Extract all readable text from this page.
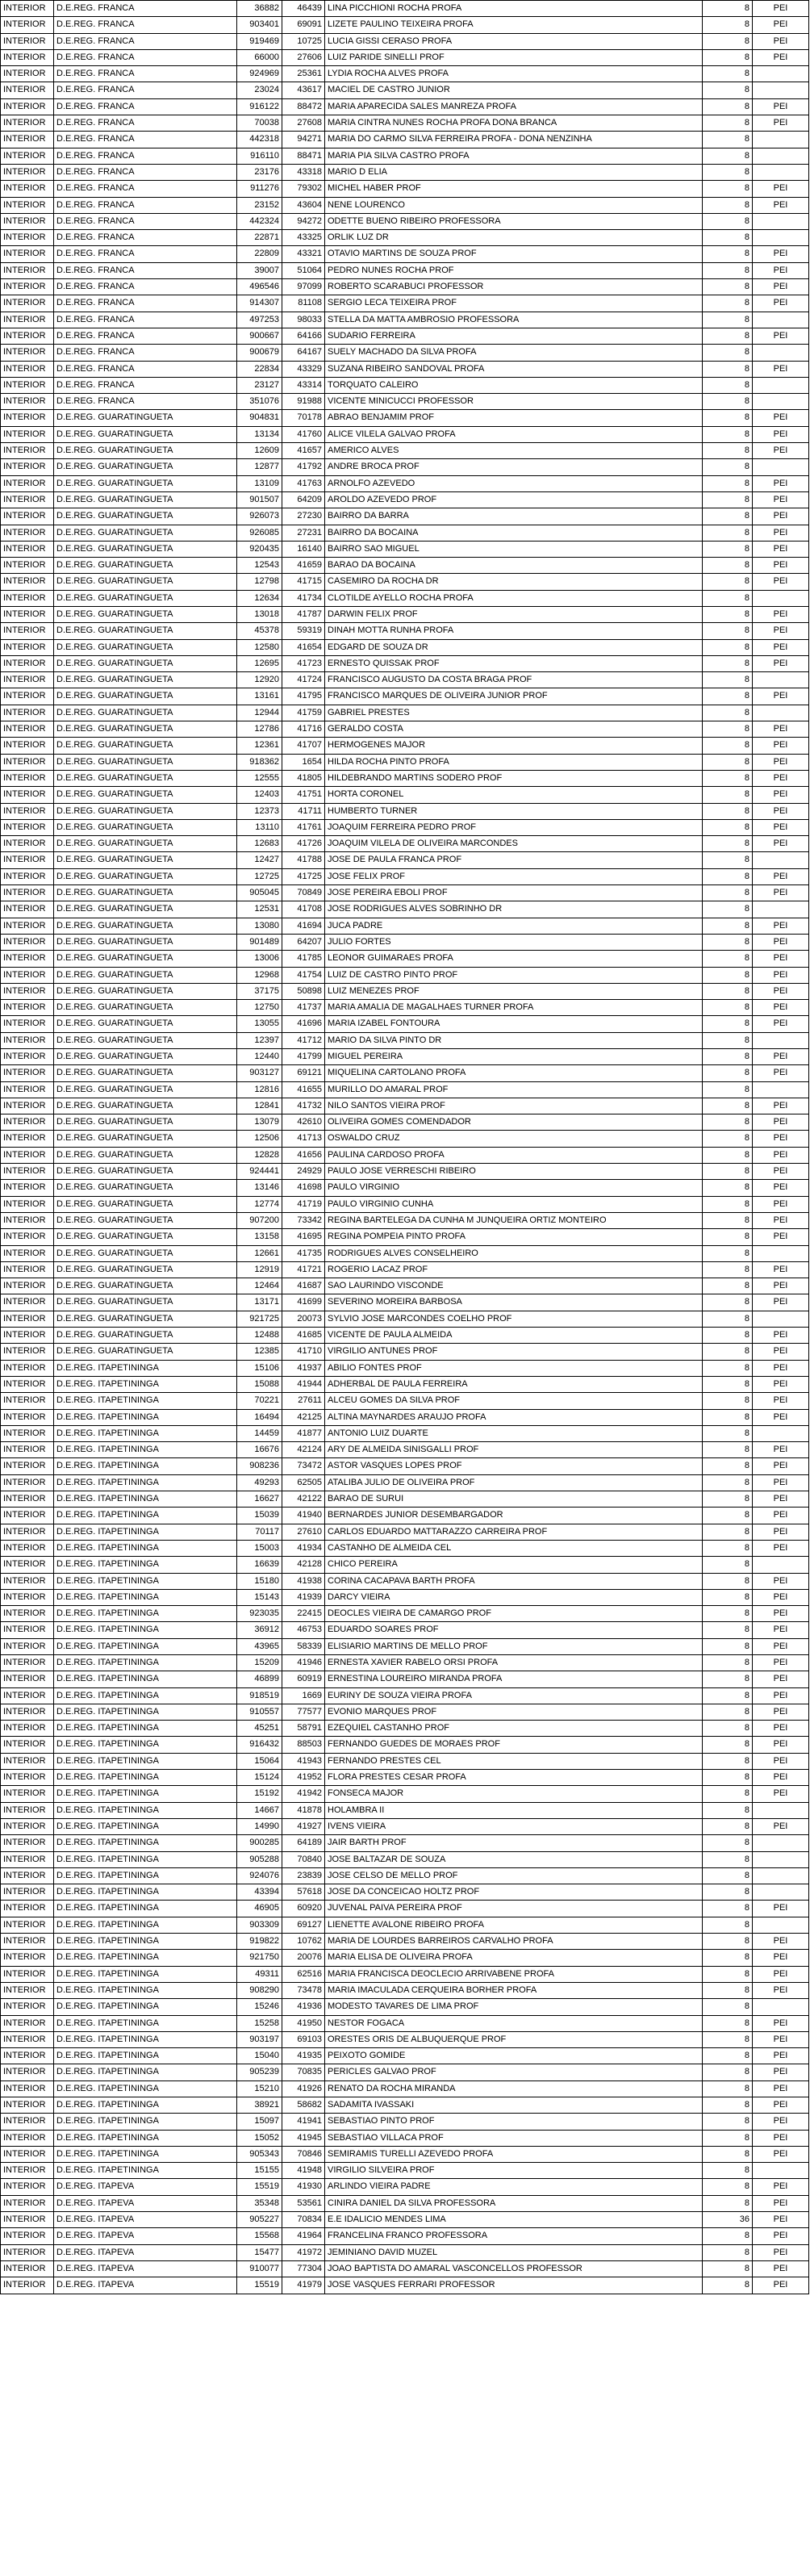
INTERIOR	D.E.REG. FRANCA	36882	46439	LINA PICCHIONI ROCHA PROFA	8	PEI
INTERIOR	D.E.REG. FRANCA	903401	69091	LIZETE PAULINO TEIXEIRA PROFA	8	PEI
INTERIOR	D.E.REG. FRANCA	919469	10725	LUCIA GISSI CERASO PROFA	8	PEI
INTERIOR	D.E.REG. FRANCA	66000	27606	LUIZ PARIDE SINELLI PROF	8	PEI
INTERIOR	D.E.REG. FRANCA	924969	25361	LYDIA ROCHA ALVES PROFA	8	
INTERIOR	D.E.REG. FRANCA	23024	43617	MACIEL DE CASTRO JUNIOR	8	
INTERIOR	D.E.REG. FRANCA	916122	88472	MARIA APARECIDA SALES MANREZA PROFA	8	PEI
INTERIOR	D.E.REG. FRANCA	70038	27608	MARIA CINTRA NUNES ROCHA PROFA DONA BRANCA	8	PEI
INTERIOR	D.E.REG. FRANCA	442318	94271	MARIA DO CARMO SILVA FERREIRA PROFA - DONA NENZINHA	8	
INTERIOR	D.E.REG. FRANCA	916110	88471	MARIA PIA SILVA CASTRO PROFA	8	
INTERIOR	D.E.REG. FRANCA	23176	43318	MARIO D ELIA	8	
INTERIOR	D.E.REG. FRANCA	911276	79302	MICHEL HABER PROF	8	PEI
INTERIOR	D.E.REG. FRANCA	23152	43604	NENE LOURENCO	8	PEI
INTERIOR	D.E.REG. FRANCA	442324	94272	ODETTE BUENO RIBEIRO PROFESSORA	8	
INTERIOR	D.E.REG. FRANCA	22871	43325	ORLIK LUZ DR	8	
INTERIOR	D.E.REG. FRANCA	22809	43321	OTAVIO MARTINS DE SOUZA PROF	8	PEI
INTERIOR	D.E.REG. FRANCA	39007	51064	PEDRO NUNES ROCHA PROF	8	PEI
INTERIOR	D.E.REG. FRANCA	496546	97099	ROBERTO SCARABUCI PROFESSOR	8	PEI
INTERIOR	D.E.REG. FRANCA	914307	81108	SERGIO LECA TEIXEIRA PROF	8	PEI
INTERIOR	D.E.REG. FRANCA	497253	98033	STELLA DA MATTA AMBROSIO PROFESSORA	8	
INTERIOR	D.E.REG. FRANCA	900667	64166	SUDARIO FERREIRA	8	PEI
INTERIOR	D.E.REG. FRANCA	900679	64167	SUELY MACHADO DA SILVA PROFA	8	
INTERIOR	D.E.REG. FRANCA	22834	43329	SUZANA RIBEIRO SANDOVAL PROFA	8	PEI
INTERIOR	D.E.REG. FRANCA	23127	43314	TORQUATO CALEIRO	8	
INTERIOR	D.E.REG. FRANCA	351076	91988	VICENTE MINICUCCI PROFESSOR	8	
INTERIOR	D.E.REG. GUARATINGUETA	904831	70178	ABRAO BENJAMIM PROF	8	PEI
INTERIOR	D.E.REG. GUARATINGUETA	13134	41760	ALICE VILELA GALVAO PROFA	8	PEI
INTERIOR	D.E.REG. GUARATINGUETA	12609	41657	AMERICO ALVES	8	PEI
INTERIOR	D.E.REG. GUARATINGUETA	12877	41792	ANDRE BROCA PROF	8	
INTERIOR	D.E.REG. GUARATINGUETA	13109	41763	ARNOLFO AZEVEDO	8	PEI
INTERIOR	D.E.REG. GUARATINGUETA	901507	64209	AROLDO AZEVEDO PROF	8	PEI
INTERIOR	D.E.REG. GUARATINGUETA	926073	27230	BAIRRO DA BARRA	8	PEI
INTERIOR	D.E.REG. GUARATINGUETA	926085	27231	BAIRRO DA BOCAINA	8	PEI
INTERIOR	D.E.REG. GUARATINGUETA	920435	16140	BAIRRO SAO MIGUEL	8	PEI
INTERIOR	D.E.REG. GUARATINGUETA	12543	41659	BARAO DA BOCAINA	8	PEI
INTERIOR	D.E.REG. GUARATINGUETA	12798	41715	CASEMIRO DA ROCHA DR	8	PEI
INTERIOR	D.E.REG. GUARATINGUETA	12634	41734	CLOTILDE AYELLO ROCHA PROFA	8	
INTERIOR	D.E.REG. GUARATINGUETA	13018	41787	DARWIN FELIX PROF	8	PEI
INTERIOR	D.E.REG. GUARATINGUETA	45378	59319	DINAH MOTTA RUNHA PROFA	8	PEI
INTERIOR	D.E.REG. GUARATINGUETA	12580	41654	EDGARD DE SOUZA DR	8	PEI
INTERIOR	D.E.REG. GUARATINGUETA	12695	41723	ERNESTO QUISSAK PROF	8	PEI
INTERIOR	D.E.REG. GUARATINGUETA	12920	41724	FRANCISCO AUGUSTO DA COSTA BRAGA PROF	8	
INTERIOR	D.E.REG. GUARATINGUETA	13161	41795	FRANCISCO MARQUES DE OLIVEIRA JUNIOR PROF	8	PEI
INTERIOR	D.E.REG. GUARATINGUETA	12944	41759	GABRIEL PRESTES	8	
INTERIOR	D.E.REG. GUARATINGUETA	12786	41716	GERALDO COSTA	8	PEI
INTERIOR	D.E.REG. GUARATINGUETA	12361	41707	HERMOGENES MAJOR	8	PEI
INTERIOR	D.E.REG. GUARATINGUETA	918362	1654	HILDA ROCHA PINTO PROFA	8	PEI
INTERIOR	D.E.REG. GUARATINGUETA	12555	41805	HILDEBRANDO MARTINS SODERO PROF	8	PEI
INTERIOR	D.E.REG. GUARATINGUETA	12403	41751	HORTA CORONEL	8	PEI
INTERIOR	D.E.REG. GUARATINGUETA	12373	41711	HUMBERTO TURNER	8	PEI
INTERIOR	D.E.REG. GUARATINGUETA	13110	41761	JOAQUIM FERREIRA PEDRO PROF	8	PEI
INTERIOR	D.E.REG. GUARATINGUETA	12683	41726	JOAQUIM VILELA DE OLIVEIRA MARCONDES	8	PEI
INTERIOR	D.E.REG. GUARATINGUETA	12427	41788	JOSE DE PAULA FRANCA PROF	8	
INTERIOR	D.E.REG. GUARATINGUETA	12725	41725	JOSE FELIX PROF	8	PEI
INTERIOR	D.E.REG. GUARATINGUETA	905045	70849	JOSE PEREIRA EBOLI PROF	8	PEI
INTERIOR	D.E.REG. GUARATINGUETA	12531	41708	JOSE RODRIGUES ALVES SOBRINHO DR	8	
INTERIOR	D.E.REG. GUARATINGUETA	13080	41694	JUCA PADRE	8	PEI
INTERIOR	D.E.REG. GUARATINGUETA	901489	64207	JULIO FORTES	8	PEI
INTERIOR	D.E.REG. GUARATINGUETA	13006	41785	LEONOR GUIMARAES PROFA	8	PEI
INTERIOR	D.E.REG. GUARATINGUETA	12968	41754	LUIZ DE CASTRO PINTO PROF	8	PEI
INTERIOR	D.E.REG. GUARATINGUETA	37175	50898	LUIZ MENEZES PROF	8	PEI
INTERIOR	D.E.REG. GUARATINGUETA	12750	41737	MARIA AMALIA DE MAGALHAES TURNER PROFA	8	PEI
INTERIOR	D.E.REG. GUARATINGUETA	13055	41696	MARIA IZABEL FONTOURA	8	PEI
INTERIOR	D.E.REG. GUARATINGUETA	12397	41712	MARIO DA SILVA PINTO DR	8	
INTERIOR	D.E.REG. GUARATINGUETA	12440	41799	MIGUEL PEREIRA	8	PEI
INTERIOR	D.E.REG. GUARATINGUETA	903127	69121	MIQUELINA CARTOLANO PROFA	8	PEI
INTERIOR	D.E.REG. GUARATINGUETA	12816	41655	MURILLO DO AMARAL PROF	8	
INTERIOR	D.E.REG. GUARATINGUETA	12841	41732	NILO SANTOS VIEIRA PROF	8	PEI
INTERIOR	D.E.REG. GUARATINGUETA	13079	42610	OLIVEIRA GOMES COMENDADOR	8	PEI
INTERIOR	D.E.REG. GUARATINGUETA	12506	41713	OSWALDO CRUZ	8	PEI
INTERIOR	D.E.REG. GUARATINGUETA	12828	41656	PAULINA CARDOSO PROFA	8	PEI
INTERIOR	D.E.REG. GUARATINGUETA	924441	24929	PAULO JOSE VERRESCHI RIBEIRO	8	PEI
INTERIOR	D.E.REG. GUARATINGUETA	13146	41698	PAULO VIRGINIO	8	PEI
INTERIOR	D.E.REG. GUARATINGUETA	12774	41719	PAULO VIRGINIO CUNHA	8	PEI
INTERIOR	D.E.REG. GUARATINGUETA	907200	73342	REGINA BARTELEGA DA CUNHA M JUNQUEIRA ORTIZ MONTEIRO	8	PEI
INTERIOR	D.E.REG. GUARATINGUETA	13158	41695	REGINA POMPEIA PINTO PROFA	8	PEI
INTERIOR	D.E.REG. GUARATINGUETA	12661	41735	RODRIGUES ALVES CONSELHEIRO	8	
INTERIOR	D.E.REG. GUARATINGUETA	12919	41721	ROGERIO LACAZ PROF	8	PEI
INTERIOR	D.E.REG. GUARATINGUETA	12464	41687	SAO LAURINDO VISCONDE	8	PEI
INTERIOR	D.E.REG. GUARATINGUETA	13171	41699	SEVERINO MOREIRA BARBOSA	8	PEI
INTERIOR	D.E.REG. GUARATINGUETA	921725	20073	SYLVIO JOSE MARCONDES COELHO PROF	8	
INTERIOR	D.E.REG. GUARATINGUETA	12488	41685	VICENTE DE PAULA ALMEIDA	8	PEI
INTERIOR	D.E.REG. GUARATINGUETA	12385	41710	VIRGILIO ANTUNES PROF	8	PEI
INTERIOR	D.E.REG. ITAPETININGA	15106	41937	ABILIO FONTES PROF	8	PEI
INTERIOR	D.E.REG. ITAPETININGA	15088	41944	ADHERBAL DE PAULA FERREIRA	8	PEI
INTERIOR	D.E.REG. ITAPETININGA	70221	27611	ALCEU GOMES DA SILVA PROF	8	PEI
INTERIOR	D.E.REG. ITAPETININGA	16494	42125	ALTINA MAYNARDES ARAUJO PROFA	8	PEI
INTERIOR	D.E.REG. ITAPETININGA	14459	41877	ANTONIO LUIZ DUARTE	8	
INTERIOR	D.E.REG. ITAPETININGA	16676	42124	ARY DE ALMEIDA SINISGALLI PROF	8	PEI
INTERIOR	D.E.REG. ITAPETININGA	908236	73472	ASTOR VASQUES LOPES PROF	8	PEI
INTERIOR	D.E.REG. ITAPETININGA	49293	62505	ATALIBA JULIO DE OLIVEIRA PROF	8	PEI
INTERIOR	D.E.REG. ITAPETININGA	16627	42122	BARAO DE SURUI	8	PEI
INTERIOR	D.E.REG. ITAPETININGA	15039	41940	BERNARDES JUNIOR DESEMBARGADOR	8	PEI
INTERIOR	D.E.REG. ITAPETININGA	70117	27610	CARLOS EDUARDO MATTARAZZO CARREIRA PROF	8	PEI
INTERIOR	D.E.REG. ITAPETININGA	15003	41934	CASTANHO DE ALMEIDA CEL	8	PEI
INTERIOR	D.E.REG. ITAPETININGA	16639	42128	CHICO PEREIRA	8	
INTERIOR	D.E.REG. ITAPETININGA	15180	41938	CORINA CACAPAVA BARTH PROFA	8	PEI
INTERIOR	D.E.REG. ITAPETININGA	15143	41939	DARCY VIEIRA	8	PEI
INTERIOR	D.E.REG. ITAPETININGA	923035	22415	DEOCLES VIEIRA DE CAMARGO PROF	8	PEI
INTERIOR	D.E.REG. ITAPETININGA	36912	46753	EDUARDO SOARES PROF	8	PEI
INTERIOR	D.E.REG. ITAPETININGA	43965	58339	ELISIARIO MARTINS DE MELLO PROF	8	PEI
INTERIOR	D.E.REG. ITAPETININGA	15209	41946	ERNESTA XAVIER RABELO ORSI PROFA	8	PEI
INTERIOR	D.E.REG. ITAPETININGA	46899	60919	ERNESTINA LOUREIRO MIRANDA PROFA	8	PEI
INTERIOR	D.E.REG. ITAPETININGA	918519	1669	EURINY DE SOUZA VIEIRA PROFA	8	PEI
INTERIOR	D.E.REG. ITAPETININGA	910557	77577	EVONIO MARQUES PROF	8	PEI
INTERIOR	D.E.REG. ITAPETININGA	45251	58791	EZEQUIEL CASTANHO PROF	8	PEI
INTERIOR	D.E.REG. ITAPETININGA	916432	88503	FERNANDO GUEDES DE MORAES PROF	8	PEI
INTERIOR	D.E.REG. ITAPETININGA	15064	41943	FERNANDO PRESTES CEL	8	PEI
INTERIOR	D.E.REG. ITAPETININGA	15124	41952	FLORA PRESTES CESAR PROFA	8	PEI
INTERIOR	D.E.REG. ITAPETININGA	15192	41942	FONSECA MAJOR	8	PEI
INTERIOR	D.E.REG. ITAPETININGA	14667	41878	HOLAMBRA II	8	
INTERIOR	D.E.REG. ITAPETININGA	14990	41927	IVENS VIEIRA	8	PEI
INTERIOR	D.E.REG. ITAPETININGA	900285	64189	JAIR BARTH PROF	8	
INTERIOR	D.E.REG. ITAPETININGA	905288	70840	JOSE BALTAZAR DE SOUZA	8	
INTERIOR	D.E.REG. ITAPETININGA	924076	23839	JOSE CELSO DE MELLO PROF	8	
INTERIOR	D.E.REG. ITAPETININGA	43394	57618	JOSE DA CONCEICAO HOLTZ PROF	8	
INTERIOR	D.E.REG. ITAPETININGA	46905	60920	JUVENAL PAIVA PEREIRA PROF	8	PEI
INTERIOR	D.E.REG. ITAPETININGA	903309	69127	LIENETTE AVALONE RIBEIRO PROFA	8	
INTERIOR	D.E.REG. ITAPETININGA	919822	10762	MARIA DE LOURDES BARREIROS CARVALHO PROFA	8	PEI
INTERIOR	D.E.REG. ITAPETININGA	921750	20076	MARIA ELISA DE OLIVEIRA PROFA	8	PEI
INTERIOR	D.E.REG. ITAPETININGA	49311	62516	MARIA FRANCISCA DEOCLECIO ARRIVABENE PROFA	8	PEI
INTERIOR	D.E.REG. ITAPETININGA	908290	73478	MARIA IMACULADA CERQUEIRA BORHER PROFA	8	PEI
INTERIOR	D.E.REG. ITAPETININGA	15246	41936	MODESTO TAVARES DE LIMA PROF	8	
INTERIOR	D.E.REG. ITAPETININGA	15258	41950	NESTOR FOGACA	8	PEI
INTERIOR	D.E.REG. ITAPETININGA	903197	69103	ORESTES ORIS DE ALBUQUERQUE PROF	8	PEI
INTERIOR	D.E.REG. ITAPETININGA	15040	41935	PEIXOTO GOMIDE	8	PEI
INTERIOR	D.E.REG. ITAPETININGA	905239	70835	PERICLES GALVAO PROF	8	PEI
INTERIOR	D.E.REG. ITAPETININGA	15210	41926	RENATO DA ROCHA MIRANDA	8	PEI
INTERIOR	D.E.REG. ITAPETININGA	38921	58682	SADAMITA IVASSAKI	8	PEI
INTERIOR	D.E.REG. ITAPETININGA	15097	41941	SEBASTIAO PINTO PROF	8	PEI
INTERIOR	D.E.REG. ITAPETININGA	15052	41945	SEBASTIAO VILLACA PROF	8	PEI
INTERIOR	D.E.REG. ITAPETININGA	905343	70846	SEMIRAMIS TURELLI AZEVEDO PROFA	8	PEI
INTERIOR	D.E.REG. ITAPETININGA	15155	41948	VIRGILIO SILVEIRA PROF	8	
INTERIOR	D.E.REG. ITAPEVA	15519	41930	ARLINDO VIEIRA PADRE	8	PEI
INTERIOR	D.E.REG. ITAPEVA	35348	53561	CINIRA DANIEL DA SILVA PROFESSORA	8	PEI
INTERIOR	D.E.REG. ITAPEVA	905227	70834	E.E IDALICIO MENDES LIMA	36	PEI
INTERIOR	D.E.REG. ITAPEVA	15568	41964	FRANCELINA FRANCO PROFESSORA	8	PEI
INTERIOR	D.E.REG. ITAPEVA	15477	41972	JEMINIANO DAVID MUZEL	8	PEI
INTERIOR	D.E.REG. ITAPEVA	910077	77304	JOAO BAPTISTA DO AMARAL VASCONCELLOS PROFESSOR	8	PEI
INTERIOR	D.E.REG. ITAPEVA	15519	41979	JOSE VASQUES FERRARI PROFESSOR	8	PEI
